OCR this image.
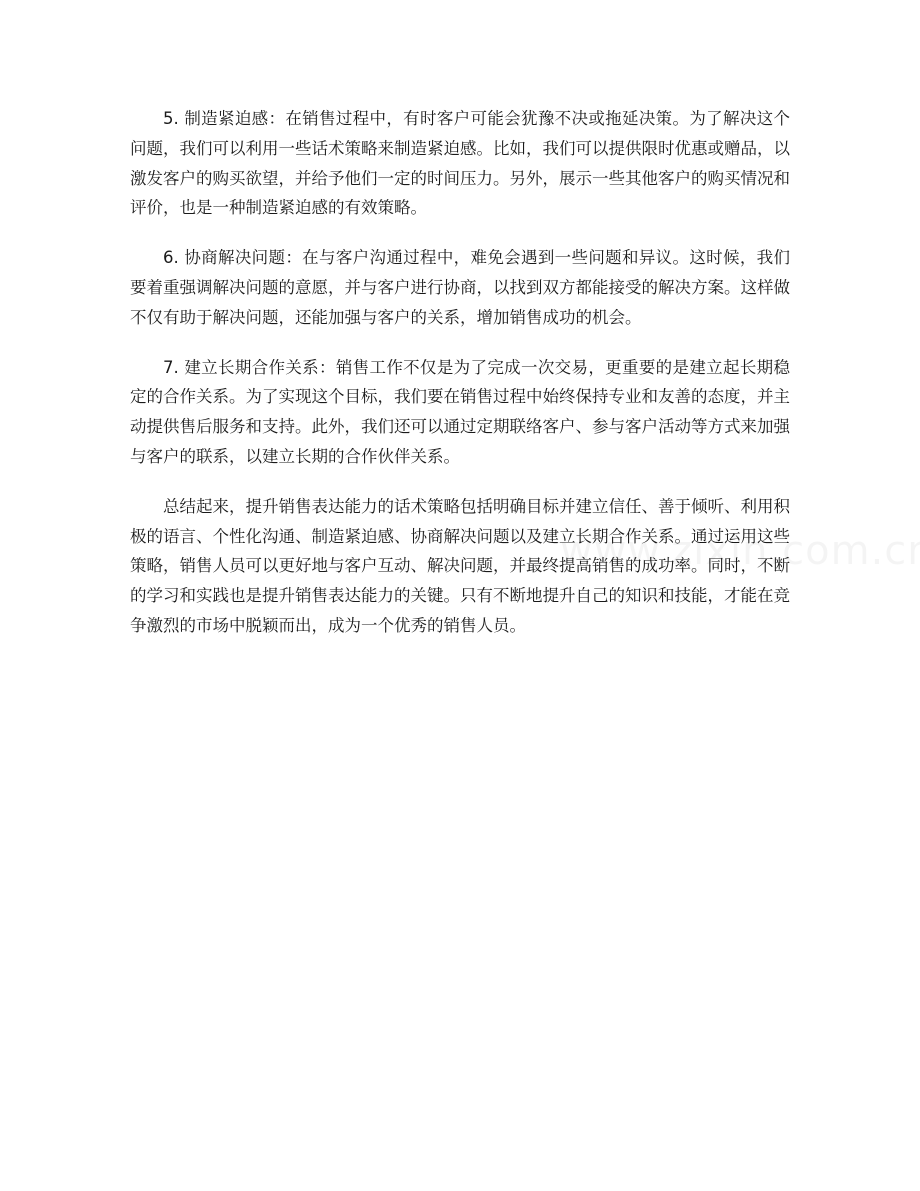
5. 制造紧迫感：在销售过程中，有时客户可能会犹豫不决或拖延决策。为了解决这个问题，我们可以利用一些话术策略来制造紧迫感。比如，我们可以提供限时优惠或赠品，以激发客户的购买欲望，并给予他们一定的时间压力。另外，展示一些其他客户的购买情况和评价，也是一种制造紧迫感的有效策略。

6. 协商解决问题：在与客户沟通过程中，难免会遇到一些问题和异议。这时候，我们要着重强调解决问题的意愿，并与客户进行协商，以找到双方都能接受的解决方案。这样做不仅有助于解决问题，还能加强与客户的关系，增加销售成功的机会。

7. 建立长期合作关系：销售工作不仅是为了完成一次交易，更重要的是建立起长期稳定的合作关系。为了实现这个目标，我们要在销售过程中始终保持专业和友善的态度，并主动提供售后服务和支持。此外，我们还可以通过定期联络客户、参与客户活动等方式来加强与客户的联系，以建立长期的合作伙伴关系。

总结起来，提升销售表达能力的话术策略包括明确目标并建立信任、善于倾听、利用积极的语言、个性化沟通、制造紧迫感、协商解决问题以及建立长期合作关系。通过运用这些策略，销售人员可以更好地与客户互动、解决问题，并最终提高销售的成功率。同时，不断的学习和实践也是提升销售表达能力的关键。只有不断地提升自己的知识和技能，才能在竞争激烈的市场中脱颖而出，成为一个优秀的销售人员。
